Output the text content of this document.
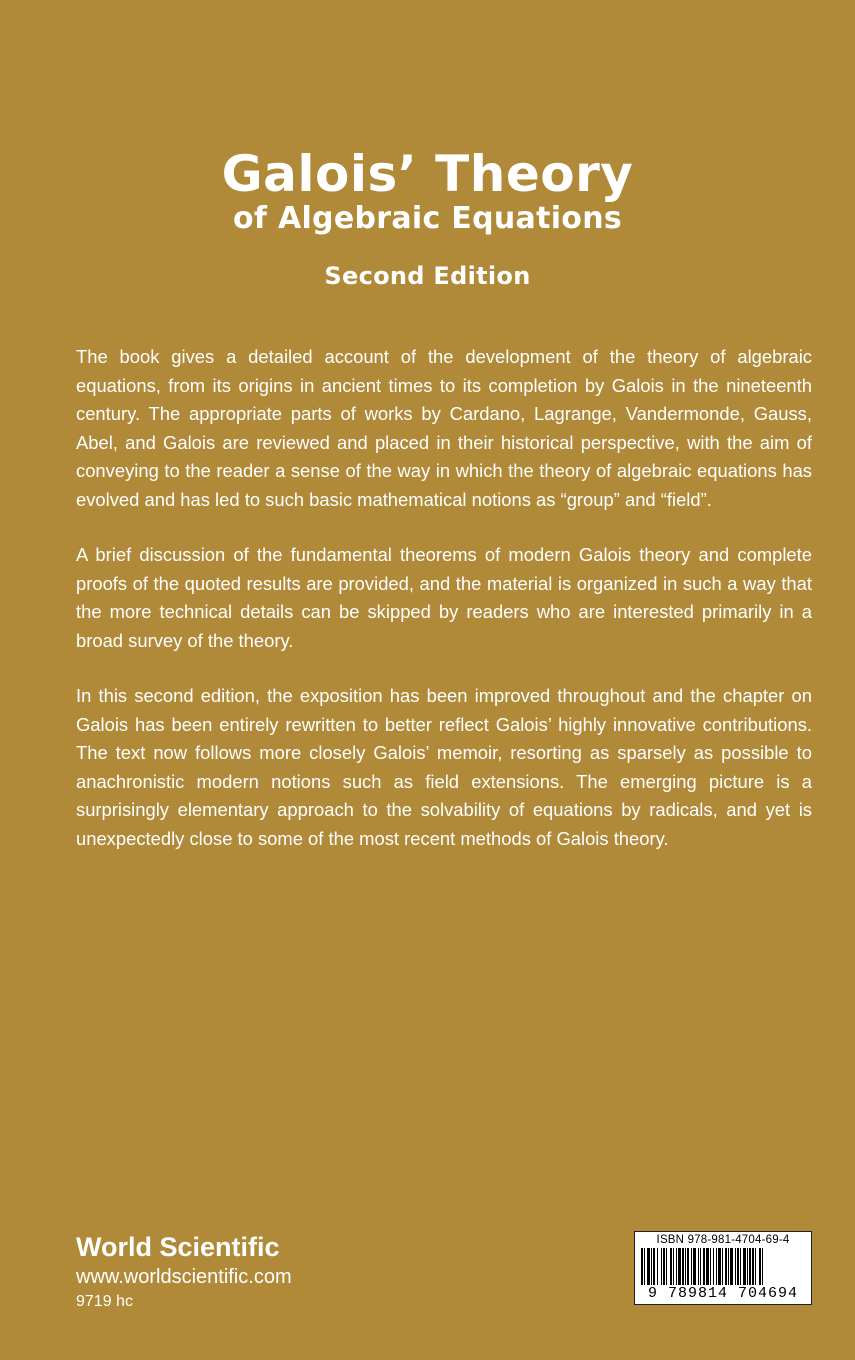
Galois’ Theory
of Algebraic Equations
Second Edition

The book gives a detailed account of the development of the theory of algebraic equations, from its origins in ancient times to its completion by Galois in the nineteenth century. The appropriate parts of works by Cardano, Lagrange, Vandermonde, Gauss, Abel, and Galois are reviewed and placed in their historical perspective, with the aim of conveying to the reader a sense of the way in which the theory of algebraic equations has evolved and has led to such basic mathematical notions as “group” and “field”.

A brief discussion of the fundamental theorems of modern Galois theory and complete proofs of the quoted results are provided, and the material is organized in such a way that the more technical details can be skipped by readers who are interested primarily in a broad survey of the theory.

In this second edition, the exposition has been improved throughout and the chapter on Galois has been entirely rewritten to better reflect Galois’ highly innovative contributions. The text now follows more closely Galois’ memoir, resorting as sparsely as possible to anachronistic modern notions such as field extensions. The emerging picture is a surprisingly elementary approach to the solvability of equations by radicals, and yet is unexpectedly close to some of the most recent methods of Galois theory.

World Scientific
www.worldscientific.com
9719 hc
ISBN 978-981-4704-69-4
9 789814 704694
